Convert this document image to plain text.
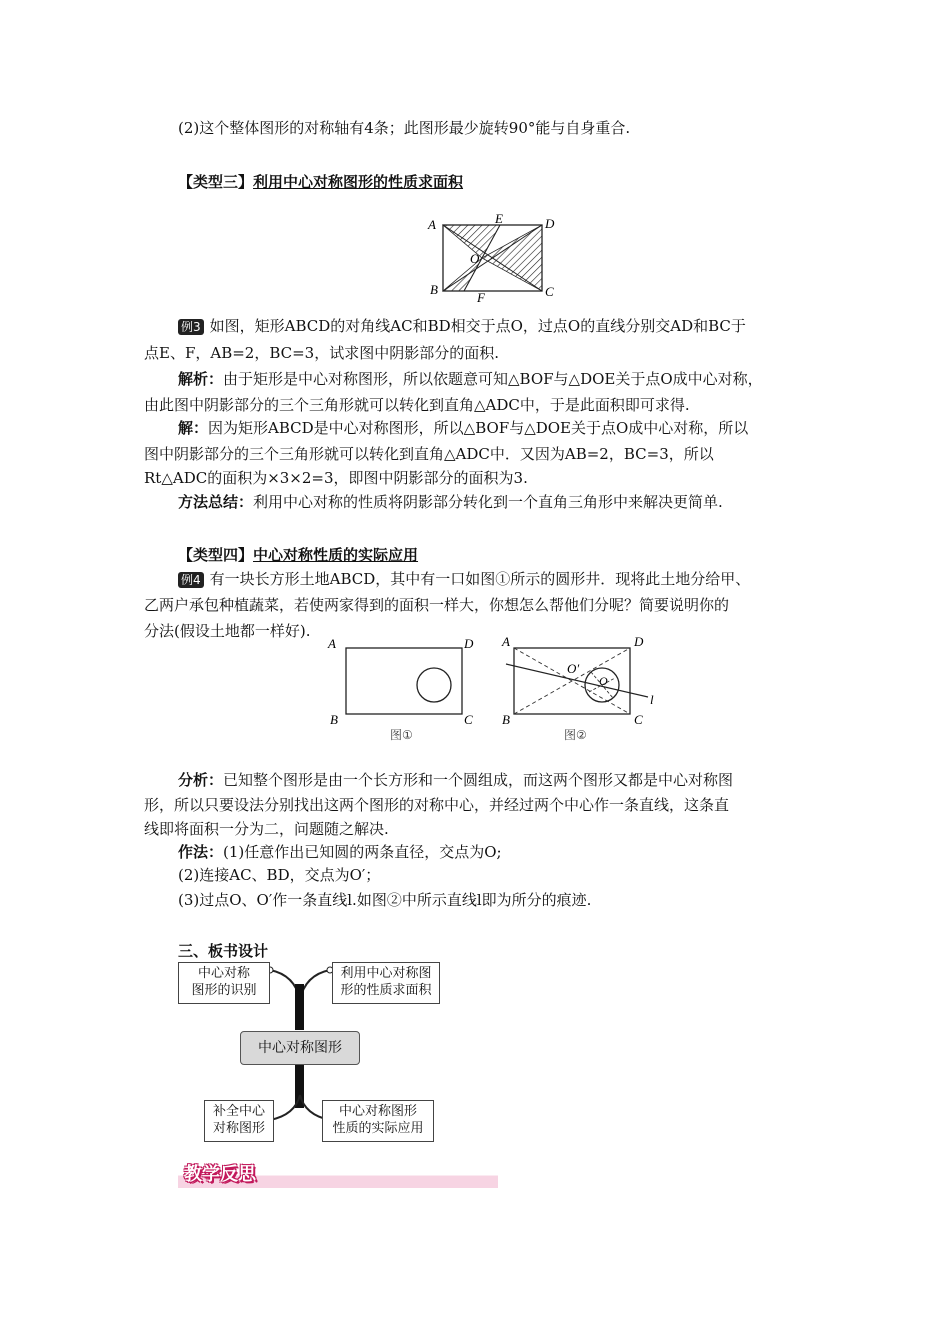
(2)这个整体图形的对称轴有4条；此图形最少旋转90°能与自身重合.
【类型三】利用中心对称图形的性质求面积
A	E	D
O
B
F	C
例3 如图，矩形ABCD的对角线AC和BD相交于点O，过点O的直线分别交AD和BC于
点E、F，AB=2，BC=3，试求图中阴影部分的面积.
解析：由于矩形是中心对称图形，所以依题意可知△BOF与△DOE关于点O成中心对称，
由此图中阴影部分的三个三角形就可以转化到直角△ADC中，于是此面积即可求得.
解：因为矩形ABCD是中心对称图形，所以△BOF与△DOE关于点O成中心对称，所以
图中阴影部分的三个三角形就可以转化到直角△ADC中．又因为AB=2，BC=3，所以
Rt△ADC的面积为×3×2=3，即图中阴影部分的面积为3.
方法总结：利用中心对称的性质将阴影部分转化到一个直角三角形中来解决更简单.
【类型四】中心对称性质的实际应用
例4 有一块长方形土地ABCD，其中有一口如图①所示的圆形井．现将此土地分给甲、
乙两户承包种植蔬菜，若使两家得到的面积一样大，你想怎么帮他们分呢？简要说明你的
分法(假设土地都一样好).
A	D
B	C
图①
A	D
O′
O
l
B	C
图②
分析：已知整个图形是由一个长方形和一个圆组成，而这两个图形又都是中心对称图
形，所以只要设法分别找出这两个图形的对称中心，并经过两个中心作一条直线，这条直
线即将面积一分为二，问题随之解决.
作法：(1)任意作出已知圆的两条直径，交点为O;
(2)连接AC、BD，交点为O′；
(3)过点O、O′作一条直线l.如图②中所示直线l即为所分的痕迹.
三、板书设计
中心对称
图形的识别
利用中心对称图
形的性质求面积
中心对称图形
补全中心
对称图形
中心对称图形
性质的实际应用
教学反思
